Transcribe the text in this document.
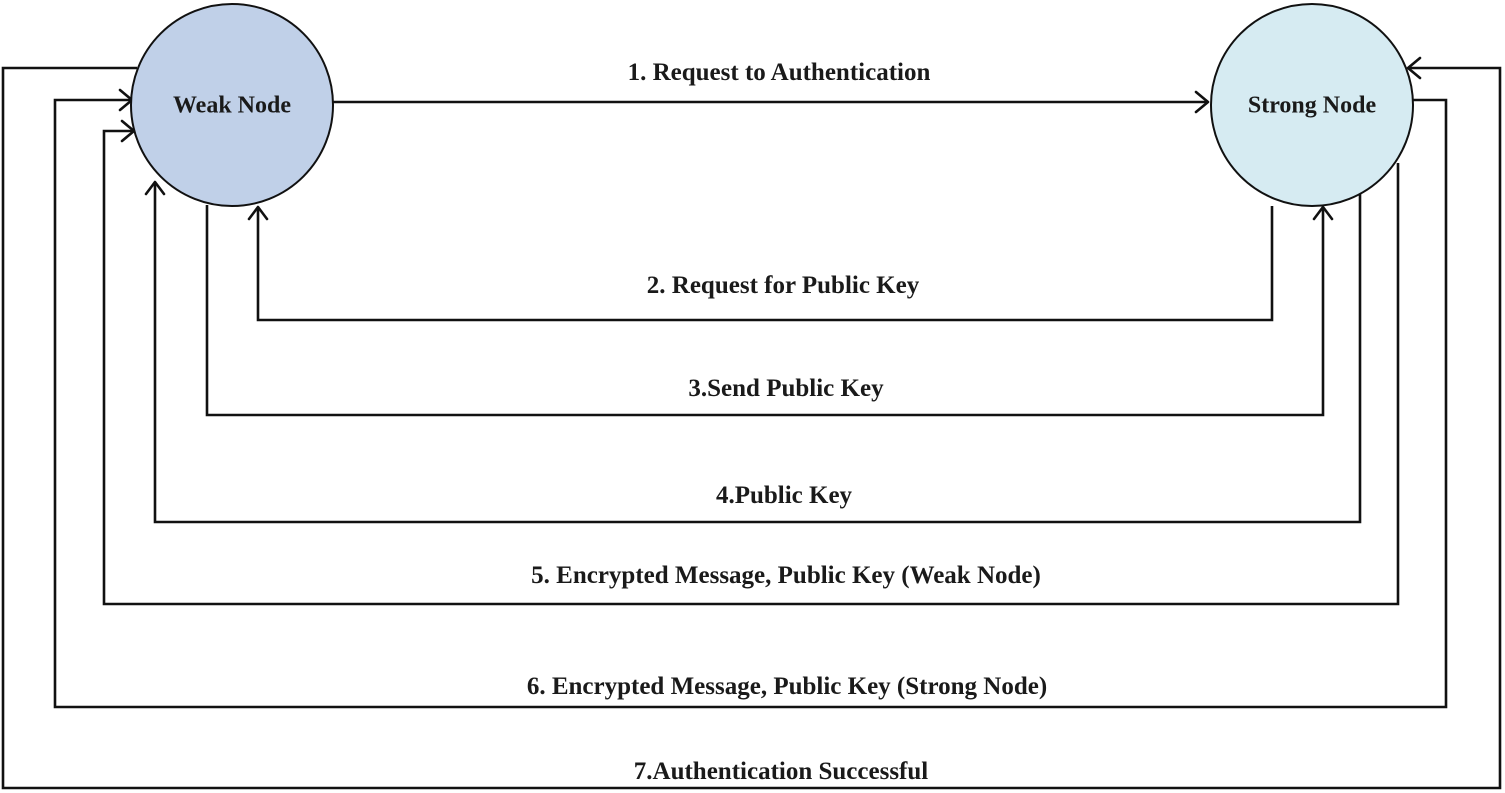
Weak Node	Strong Node
1. Request to Authentication
2. Request for Public Key
3.Send Public Key
4.Public Key
5. Encrypted Message, Public Key (Weak Node)
6. Encrypted Message, Public Key (Strong Node)
7.Authentication Successful
